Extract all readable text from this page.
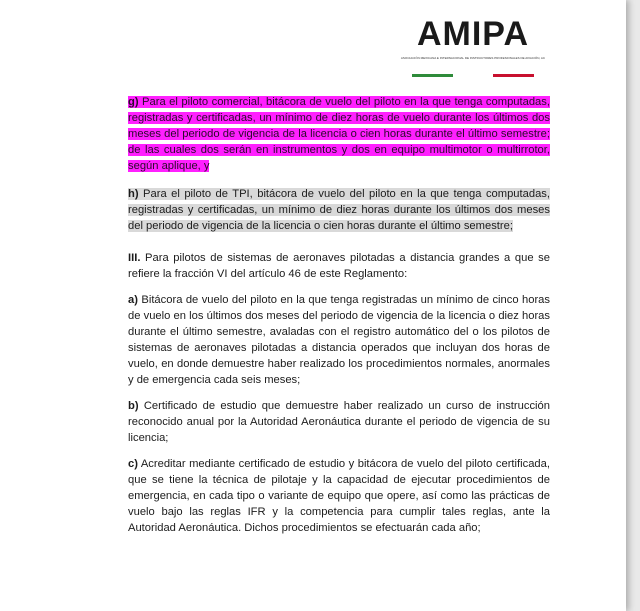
AMIPA
ASOCIACIÓN MEXICANA E INTERNACIONAL DE INSTRUCTORES PROFESIONALES DE AVIACIÓN, AC

g) Para el piloto comercial, bitácora de vuelo del piloto en la que tenga computadas, registradas y certificadas, un mínimo de diez horas de vuelo durante los últimos dos meses del periodo de vigencia de la licencia o cien horas durante el último semestre; de las cuales dos serán en instrumentos y dos en equipo multimotor o multirrotor, según aplique, y

h) Para el piloto de TPI, bitácora de vuelo del piloto en la que tenga computadas, registradas y certificadas, un mínimo de diez horas durante los últimos dos meses del periodo de vigencia de la licencia o cien horas durante el último semestre;

III. Para pilotos de sistemas de aeronaves pilotadas a distancia grandes a que se refiere la fracción VI del artículo 46 de este Reglamento:

a) Bitácora de vuelo del piloto en la que tenga registradas un mínimo de cinco horas de vuelo en los últimos dos meses del periodo de vigencia de la licencia o diez horas durante el último semestre, avaladas con el registro automático del o los pilotos de sistemas de aeronaves pilotadas a distancia operados que incluyan dos horas de vuelo, en donde demuestre haber realizado los procedimientos normales, anormales y de emergencia cada seis meses;

b) Certificado de estudio que demuestre haber realizado un curso de instrucción reconocido anual por la Autoridad Aeronáutica durante el periodo de vigencia de su licencia;

c) Acreditar mediante certificado de estudio y bitácora de vuelo del piloto certificada, que se tiene la técnica de pilotaje y la capacidad de ejecutar procedimientos de emergencia, en cada tipo o variante de equipo que opere, así como las prácticas de vuelo bajo las reglas IFR y la competencia para cumplir tales reglas, ante la Autoridad Aeronáutica. Dichos procedimientos se efectuarán cada año;
